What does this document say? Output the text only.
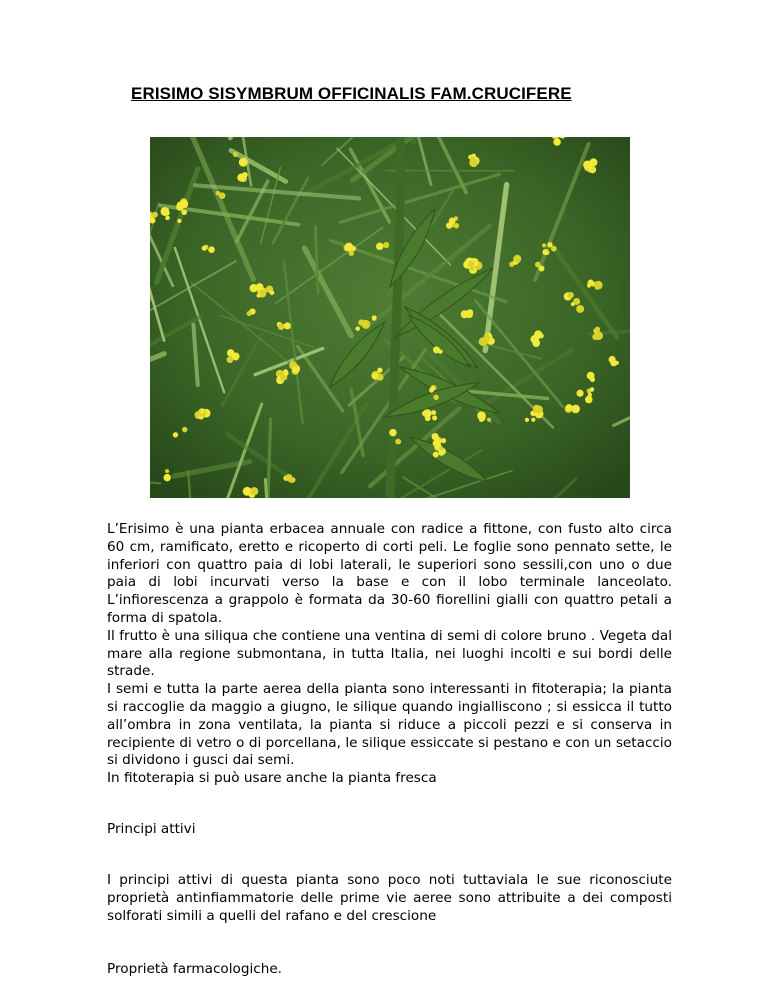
ERISIMO SISYMBRUM OFFICINALIS FAM.CRUCIFERE

L’Erisimo è una pianta erbacea annuale con radice a fittone, con fusto alto circa 60 cm, ramificato, eretto e ricoperto di corti peli. Le foglie sono pennato sette, le inferiori con quattro paia di lobi laterali, le superiori sono sessili,con uno o due paia di lobi incurvati verso la base e con il lobo terminale lanceolato. L’infiorescenza a grappolo è formata da 30-60 fiorellini gialli con quattro petali a forma di spatola.

Il frutto è una siliqua che contiene una ventina di semi di colore bruno . Vegeta dal mare alla regione submontana, in tutta Italia, nei luoghi incolti e sui bordi delle strade.

I semi e tutta la parte aerea della pianta sono interessanti in fitoterapia; la pianta si raccoglie da maggio a giugno, le silique quando ingialliscono ; si essicca il tutto all’ombra in zona ventilata, la pianta si riduce a piccoli pezzi e si conserva in recipiente di vetro o di porcellana, le silique essiccate si pestano e con un setaccio si dividono i gusci dai semi.

In fitoterapia si può usare anche la pianta fresca

Principi attivi

I principi attivi di questa pianta sono poco noti tuttaviala le sue riconosciute proprietà antinfiammatorie delle prime vie aeree sono attribuite a dei composti solforati simili a quelli del rafano e del crescione

Proprietà farmacologiche.
